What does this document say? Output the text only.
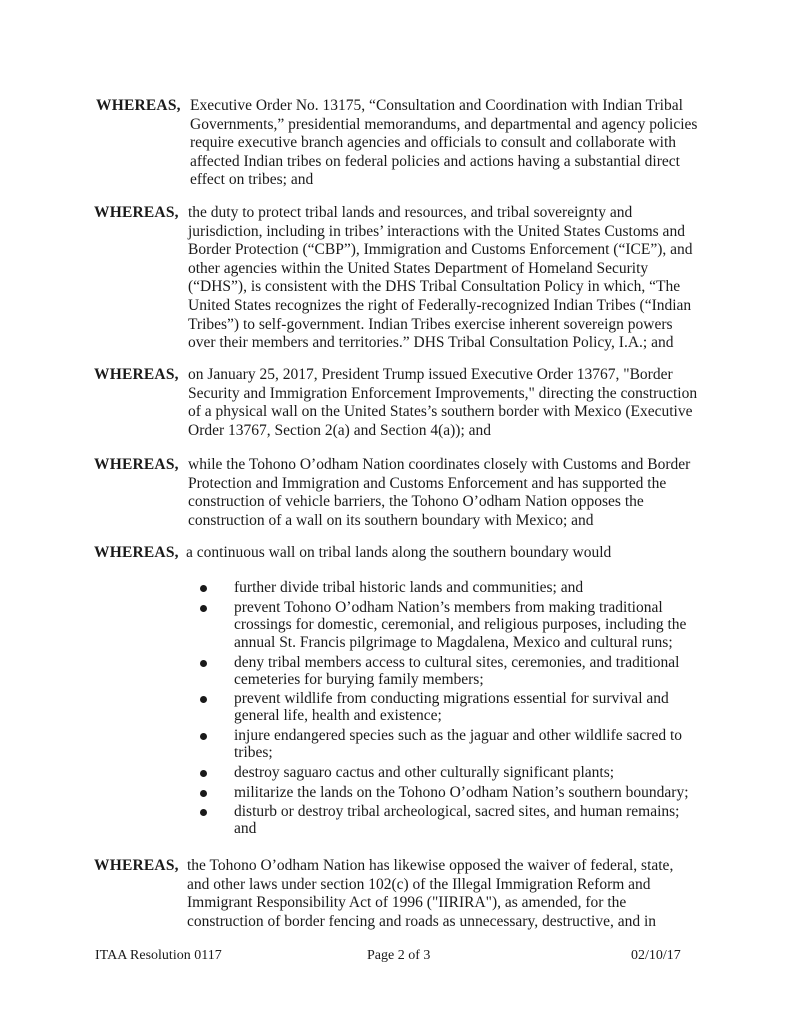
WHEREAS, Executive Order No. 13175, “Consultation and Coordination with Indian Tribal
Governments,” presidential memorandums, and departmental and agency policies
require executive branch agencies and officials to consult and collaborate with
affected Indian tribes on federal policies and actions having a substantial direct
effect on tribes; and
WHEREAS, the duty to protect tribal lands and resources, and tribal sovereignty and
jurisdiction, including in tribes’ interactions with the United States Customs and
Border Protection (“CBP”), Immigration and Customs Enforcement (“ICE”), and
other agencies within the United States Department of Homeland Security
(“DHS”), is consistent with the DHS Tribal Consultation Policy in which, “The
United States recognizes the right of Federally-recognized Indian Tribes (“Indian
Tribes”) to self-government. Indian Tribes exercise inherent sovereign powers
over their members and territories.” DHS Tribal Consultation Policy, I.A.; and
WHEREAS, on January 25, 2017, President Trump issued Executive Order 13767, "Border
Security and Immigration Enforcement Improvements," directing the construction
of a physical wall on the United States’s southern border with Mexico (Executive
Order 13767, Section 2(a) and Section 4(a)); and
WHEREAS, while the Tohono O’odham Nation coordinates closely with Customs and Border
Protection and Immigration and Customs Enforcement and has supported the
construction of vehicle barriers, the Tohono O’odham Nation opposes the
construction of a wall on its southern boundary with Mexico; and
WHEREAS, a continuous wall on tribal lands along the southern boundary would
further divide tribal historic lands and communities; and
prevent Tohono O’odham Nation’s members from making traditional
crossings for domestic, ceremonial, and religious purposes, including the
annual St. Francis pilgrimage to Magdalena, Mexico and cultural runs;
deny tribal members access to cultural sites, ceremonies, and traditional
cemeteries for burying family members;
prevent wildlife from conducting migrations essential for survival and
general life, health and existence;
injure endangered species such as the jaguar and other wildlife sacred to
tribes;
destroy saguaro cactus and other culturally significant plants;
militarize the lands on the Tohono O’odham Nation’s southern boundary;
disturb or destroy tribal archeological, sacred sites, and human remains;
and
WHEREAS, the Tohono O’odham Nation has likewise opposed the waiver of federal, state,
and other laws under section 102(c) of the Illegal Immigration Reform and
Immigrant Responsibility Act of 1996 ("IIRIRA"), as amended, for the
construction of border fencing and roads as unnecessary, destructive, and in
ITAA Resolution 0117	Page 2 of 3	02/10/17
